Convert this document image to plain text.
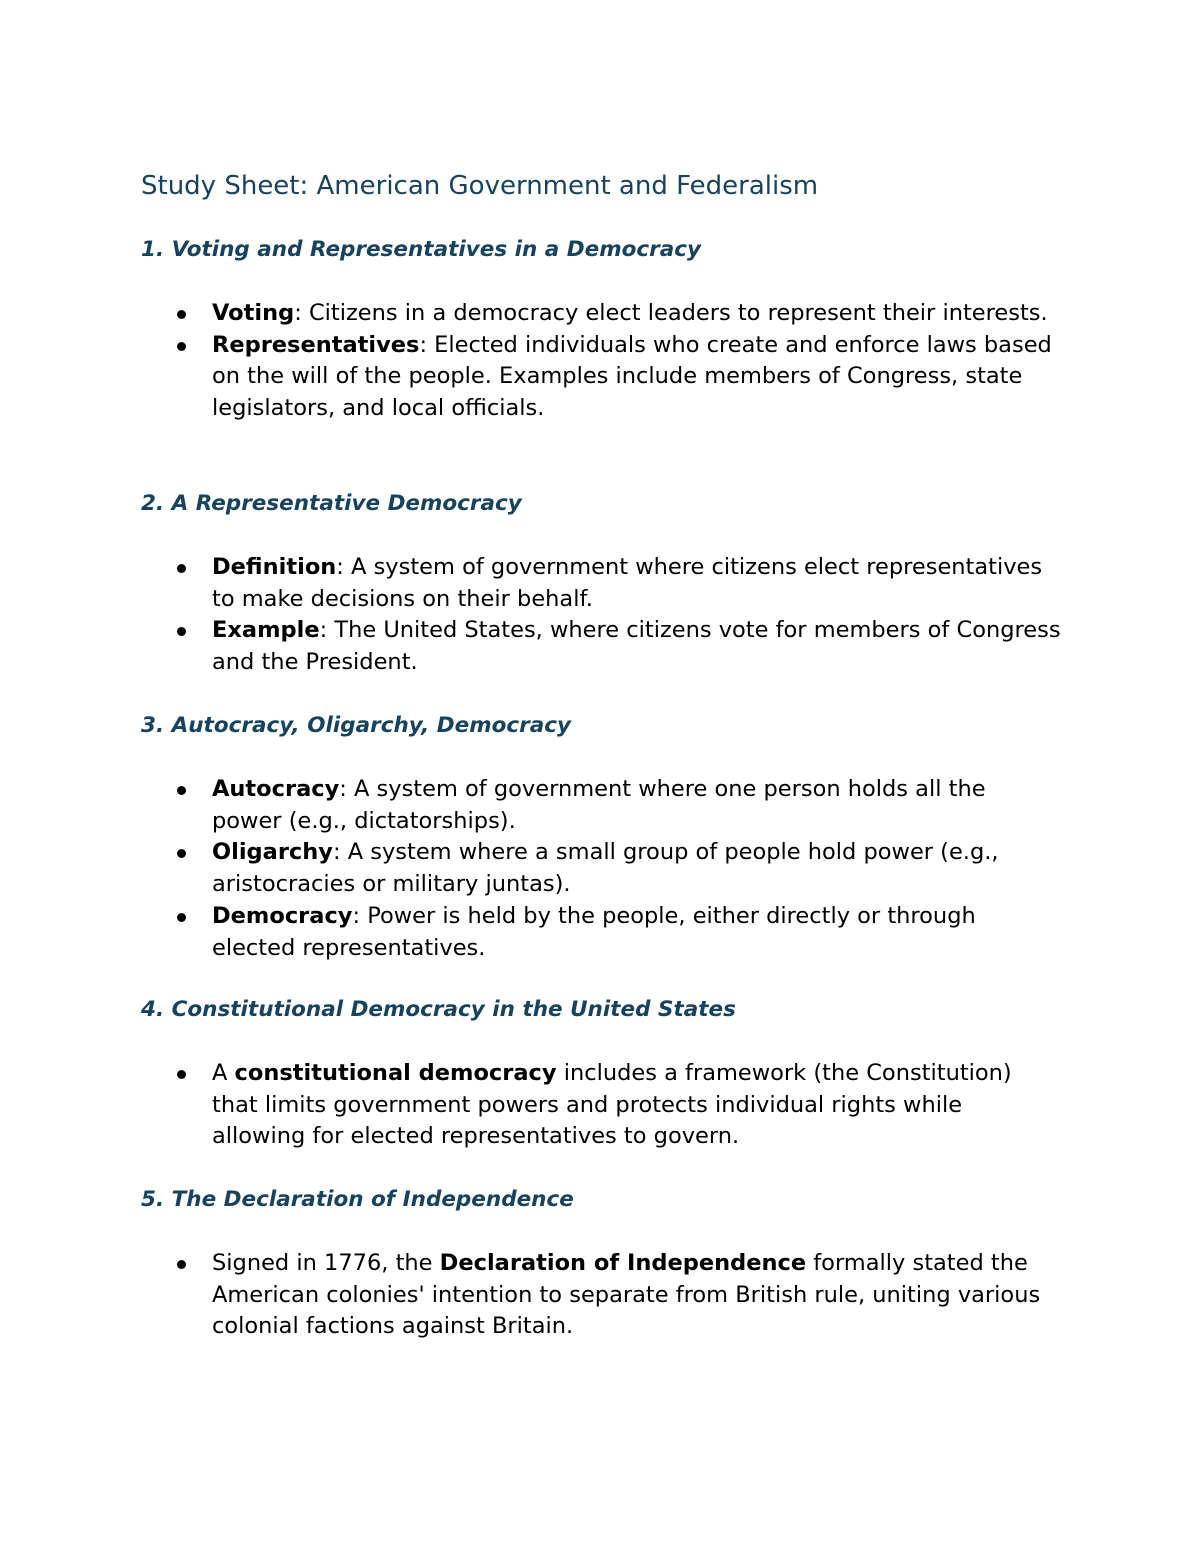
Study Sheet: American Government and Federalism
1. Voting and Representatives in a Democracy
Voting: Citizens in a democracy elect leaders to represent their interests.
Representatives: Elected individuals who create and enforce laws based on the will of the people. Examples include members of Congress, state legislators, and local officials.
2. A Representative Democracy
Definition: A system of government where citizens elect representatives to make decisions on their behalf.
Example: The United States, where citizens vote for members of Congress and the President.
3. Autocracy, Oligarchy, Democracy
Autocracy: A system of government where one person holds all the power (e.g., dictatorships).
Oligarchy: A system where a small group of people hold power (e.g., aristocracies or military juntas).
Democracy: Power is held by the people, either directly or through elected representatives.
4. Constitutional Democracy in the United States
A constitutional democracy includes a framework (the Constitution) that limits government powers and protects individual rights while allowing for elected representatives to govern.
5. The Declaration of Independence
Signed in 1776, the Declaration of Independence formally stated the American colonies' intention to separate from British rule, uniting various colonial factions against Britain.
